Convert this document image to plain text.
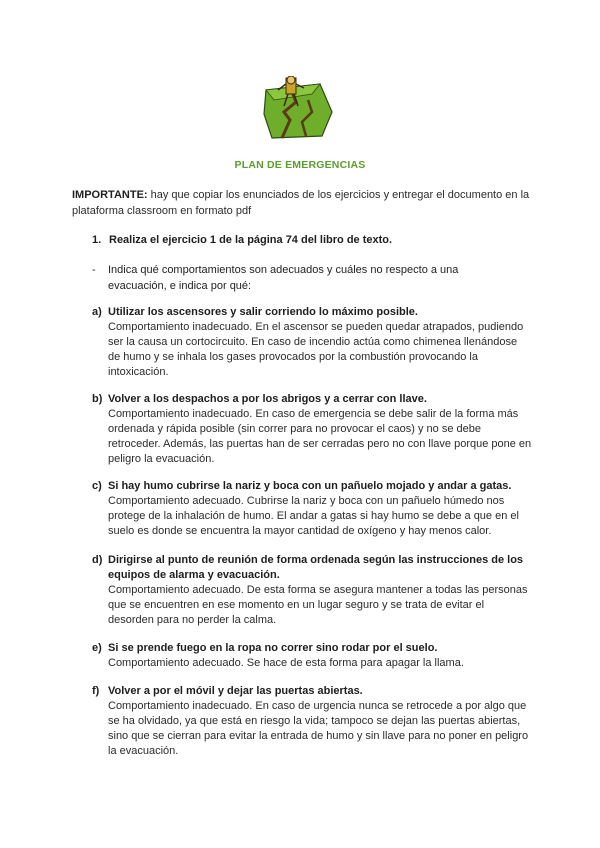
PLAN DE EMERGENCIAS
IMPORTANTE: hay que copiar los enunciados de los ejercicios y entregar el documento en la plataforma classroom en formato pdf
1. Realiza el ejercicio 1 de la página 74 del libro de texto.
- Indica qué comportamientos son adecuados y cuáles no respecto a una evacuación, e indica por qué:
a) Utilizar los ascensores y salir corriendo lo máximo posible.
Comportamiento inadecuado. En el ascensor se pueden quedar atrapados, pudiendo ser la causa un cortocircuito. En caso de incendio actúa como chimenea llenándose de humo y se inhala los gases provocados por la combustión provocando la intoxicación.
b) Volver a los despachos a por los abrigos y a cerrar con llave.
Comportamiento inadecuado. En caso de emergencia se debe salir de la forma más ordenada y rápida posible (sin correr para no provocar el caos) y no se debe retroceder. Además, las puertas han de ser cerradas pero no con llave porque pone en peligro la evacuación.
c) Si hay humo cubrirse la nariz y boca con un pañuelo mojado y andar a gatas.
Comportamiento adecuado. Cubrirse la nariz y boca con un pañuelo húmedo nos protege de la inhalación de humo. El andar a gatas si hay humo se debe a que en el suelo es donde se encuentra la mayor cantidad de oxígeno y hay menos calor.
d) Dirigirse al punto de reunión de forma ordenada según las instrucciones de los equipos de alarma y evacuación.
Comportamiento adecuado. De esta forma se asegura mantener a todas las personas que se encuentren en ese momento en un lugar seguro y se trata de evitar el desorden para no perder la calma.
e) Si se prende fuego en la ropa no correr sino rodar por el suelo.
Comportamiento adecuado. Se hace de esta forma para apagar la llama.
f) Volver a por el móvil y dejar las puertas abiertas.
Comportamiento inadecuado. En caso de urgencia nunca se retrocede a por algo que se ha olvidado, ya que está en riesgo la vida; tampoco se dejan las puertas abiertas, sino que se cierran para evitar la entrada de humo y sin llave para no poner en peligro la evacuación.
